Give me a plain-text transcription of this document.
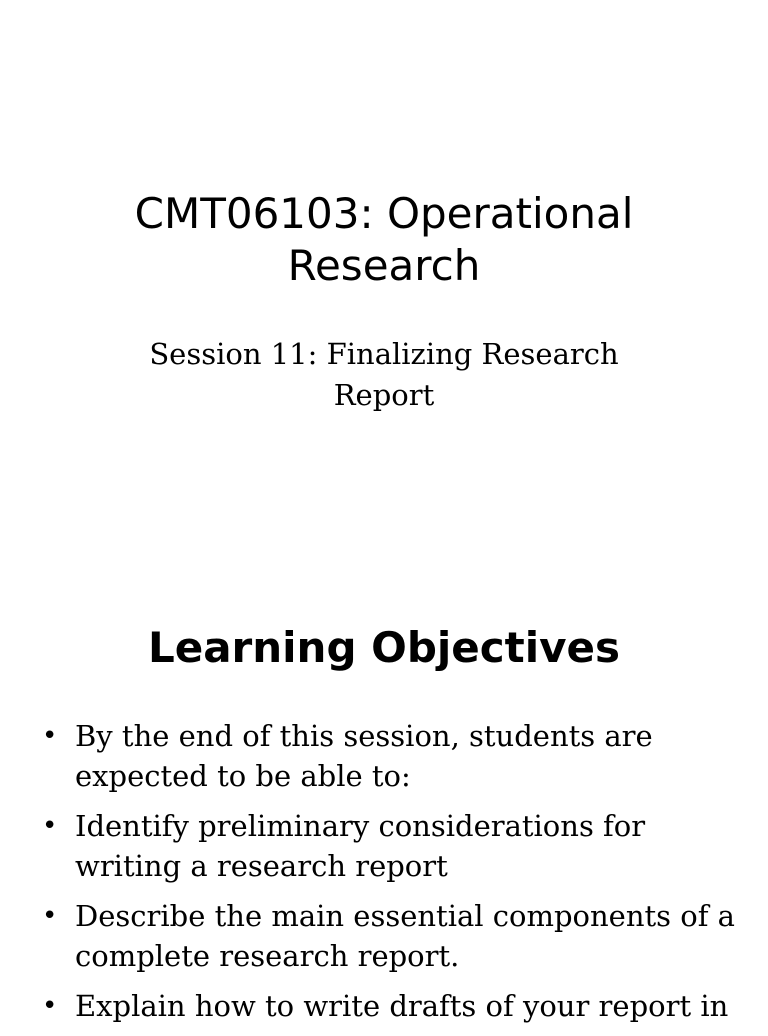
CMT06103: Operational Research

Session 11: Finalizing Research Report

Learning Objectives
• By the end of this session, students are expected to be able to:
• Identify preliminary considerations for writing a research report
• Describe the main essential components of a complete research report.
• Explain how to write drafts of your report in
